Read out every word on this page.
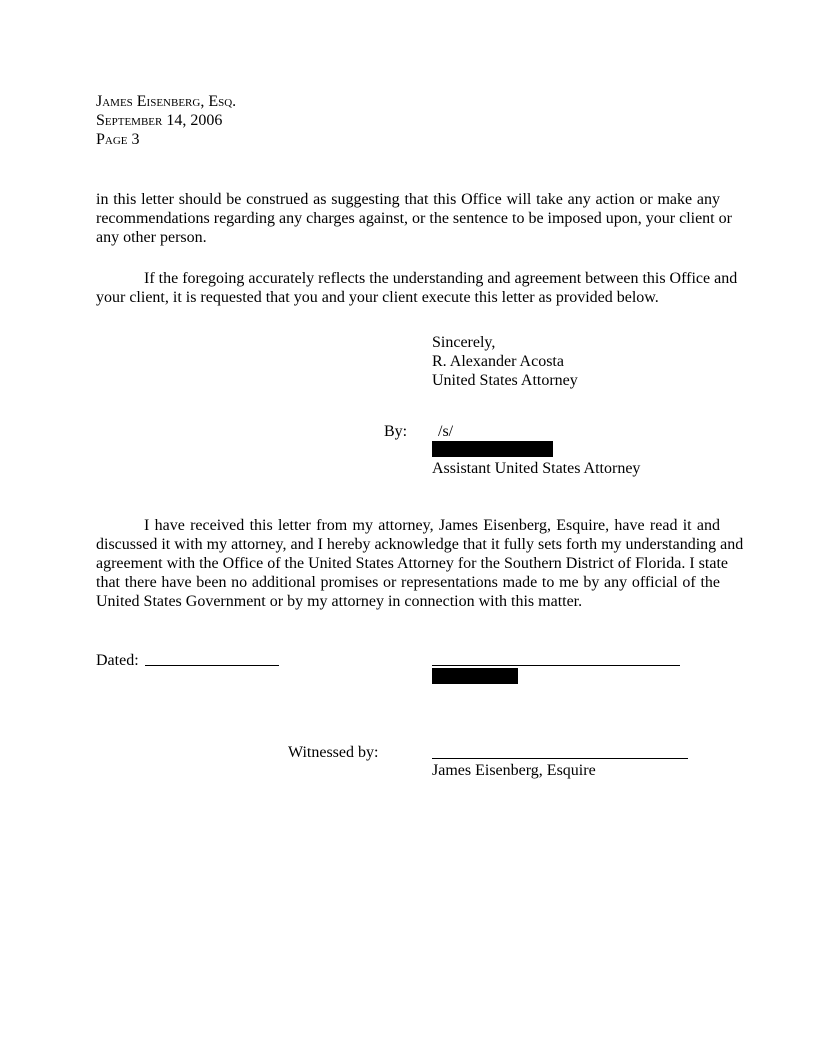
James Eisenberg, Esq.
September 14, 2006
Page 3
in this letter should be construed as suggesting that this Office will take any action or make any
recommendations regarding any charges against, or the sentence to be imposed upon, your client or
any other person.
If the foregoing accurately reflects the understanding and agreement between this Office and
your client, it is requested that you and your client execute this letter as provided below.
Sincerely,
R. Alexander Acosta
United States Attorney
By: /s/
Assistant United States Attorney
I have received this letter from my attorney, James Eisenberg, Esquire, have read it and
discussed it with my attorney, and I hereby acknowledge that it fully sets forth my understanding and
agreement with the Office of the United States Attorney for the Southern District of Florida. I state
that there have been no additional promises or representations made to me by any official of the
United States Government or by my attorney in connection with this matter.
Dated:
Witnessed by:
James Eisenberg, Esquire
